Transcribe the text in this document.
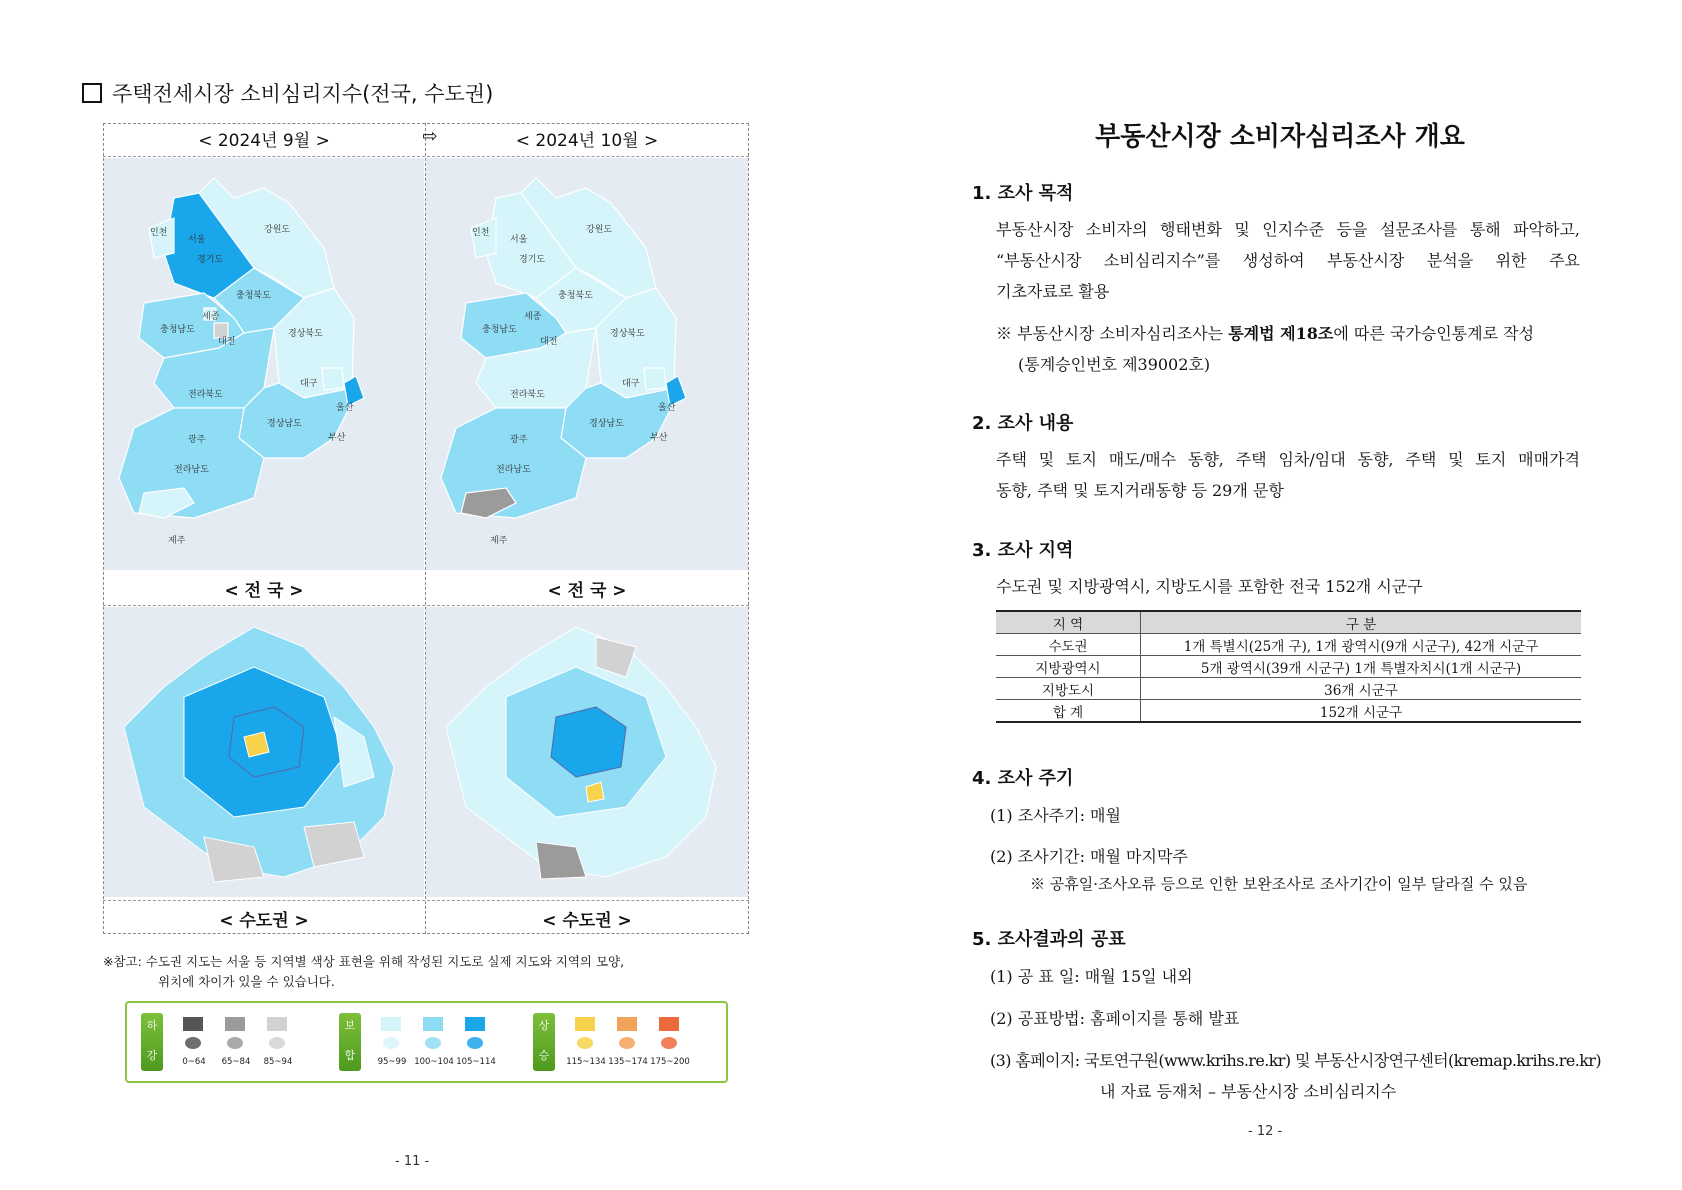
주택전세시장 소비심리지수(전국, 수도권)
< 2024년 9월 >	⇨	< 2024년 10월 >
< 전 국 >	< 전 국 >
< 수도권 >	< 수도권 >
인천
서울
경기도
강원도
충청북도
세종
충청남도
대전
경상북도
대구
울산
전라북도
경상남도
부산
광주
전라남도
제주
인천
서울
경기도
강원도
충청북도
세종
충청남도
대전
경상북도
대구
울산
전라북도
경상남도
부산
광주
전라남도
제주
※참고: 수도권 지도는 서울 등 지역별 색상 표현을 위해 작성된 지도로 실제 지도와 지역의 모양,
위치에 차이가 있을 수 있습니다.
하
강	0~64	65~84	85~94
보
합	95~99 100~104 105~114
상
승	115~134 135~174 175~200
- 11 -
부동산시장 소비자심리조사 개요
1. 조사 목적
부동산시장 소비자의 행태변화 및 인지수준 등을 설문조사를 통해 파악하고,
“부동산시장 소비심리지수”를 생성하여 부동산시장 분석을 위한 주요
기초자료로 활용
※ 부동산시장 소비자심리조사는 통계법 제18조에 따른 국가승인통계로 작성
(통계승인번호 제39002호)
2. 조사 내용
주택 및 토지 매도/매수 동향, 주택 임차/임대 동향, 주택 및 토지 매매가격
동향, 주택 및 토지거래동향 등 29개 문항
3. 조사 지역
수도권 및 지방광역시, 지방도시를 포함한 전국 152개 시군구
지 역	구 분
수도권	1개 특별시(25개 구), 1개 광역시(9개 시군구), 42개 시군구
지방광역시	5개 광역시(39개 시군구) 1개 특별자치시(1개 시군구)
지방도시	36개 시군구
합 계	152개 시군구
4. 조사 주기
(1) 조사주기: 매월
(2) 조사기간: 매월 마지막주
※ 공휴일·조사오류 등으로 인한 보완조사로 조사기간이 일부 달라질 수 있음
5. 조사결과의 공표
(1) 공 표 일: 매월 15일 내외
(2) 공표방법: 홈페이지를 통해 발표
(3) 홈페이지: 국토연구원(www.krihs.re.kr) 및 부동산시장연구센터(kremap.krihs.re.kr)
내 자료 등재처 – 부동산시장 소비심리지수
- 12 -
